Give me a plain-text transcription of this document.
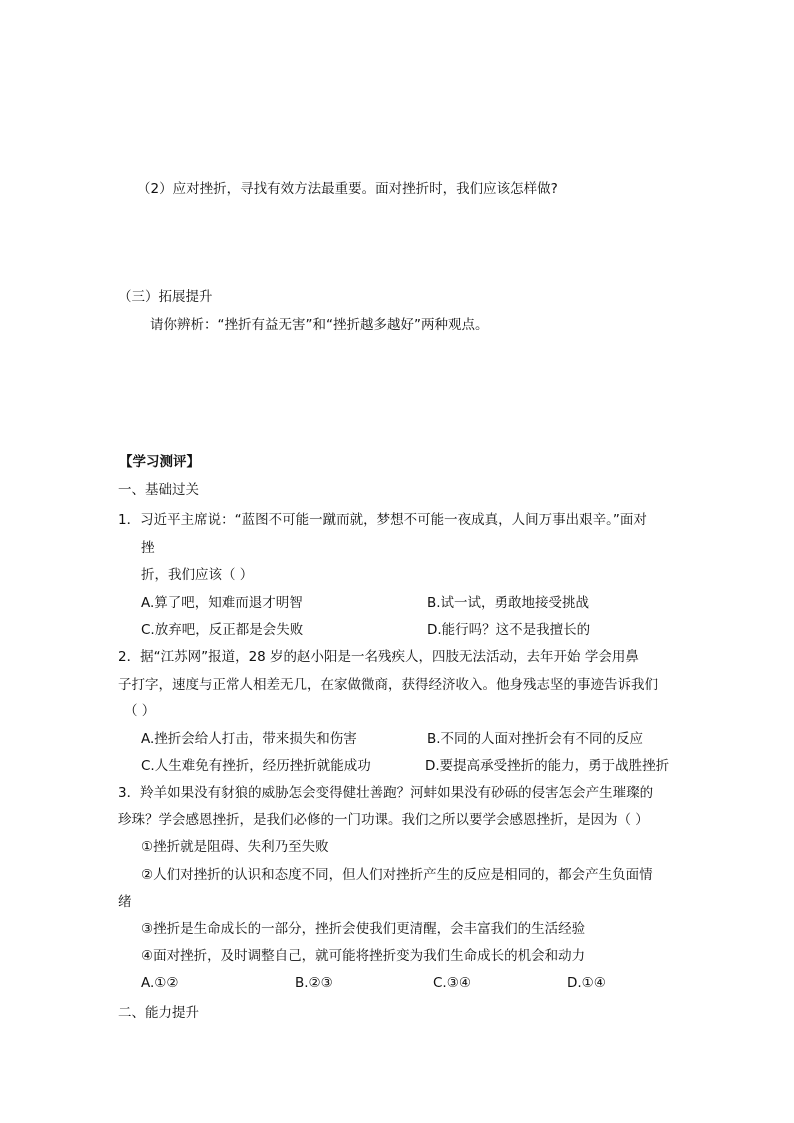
（2）应对挫折，寻找有效方法最重要。面对挫折时，我们应该怎样做?
（三）拓展提升
请你辨析：“挫折有益无害”和“挫折越多越好”两种观点。
【学习测评】
一、基础过关
1．习近平主席说：“蓝图不可能一蹴而就，梦想不可能一夜成真，人间万事出艰辛。”面对
挫
折，我们应该（ ）
A.算了吧，知难而退才明智	B.试一试，勇敢地接受挑战
C.放弃吧，反正都是会失败	D.能行吗？这不是我擅长的
2．据“江苏网”报道，28 岁的赵小阳是一名残疾人，四肢无法活动，去年开始 学会用鼻
子打字，速度与正常人相差无几，在家做微商，获得经济收入。他身残志坚的事迹告诉我们
（ ）
A.挫折会给人打击，带来损失和伤害	B.不同的人面对挫折会有不同的反应
C.人生难免有挫折，经历挫折就能成功	D.要提高承受挫折的能力，勇于战胜挫折
3．羚羊如果没有豺狼的威胁怎会变得健壮善跑？河蚌如果没有砂砾的侵害怎会产生璀璨的
珍珠？学会感恩挫折，是我们必修的一门功课。我们之所以要学会感恩挫折，是因为（ ）
①挫折就是阻碍、失利乃至失败
②人们对挫折的认识和态度不同，但人们对挫折产生的反应是相同的，都会产生负面情
绪
③挫折是生命成长的一部分，挫折会使我们更清醒，会丰富我们的生活经验
④面对挫折，及时调整自己，就可能将挫折变为我们生命成长的机会和动力
A.①②	B.②③	C.③④	D.①④
二、能力提升
